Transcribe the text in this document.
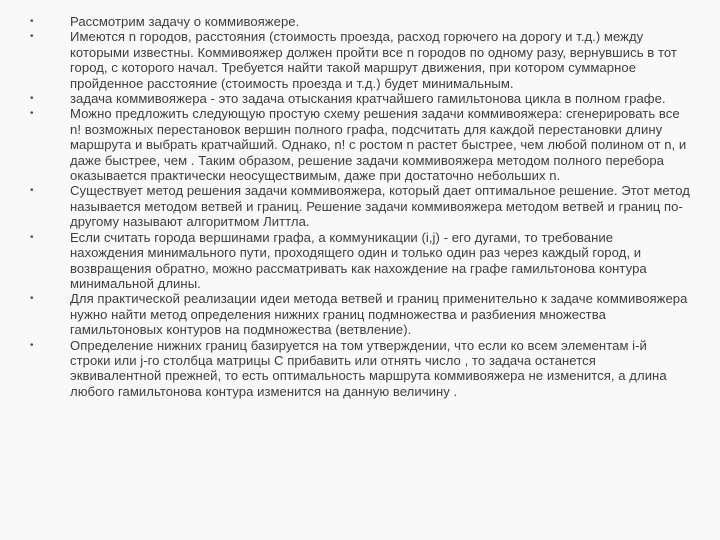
•	Рассмотрим задачу о коммивояжере.
•	Имеются n городов, расстояния (стоимость проезда, расход горючего на дорогу и т.д.) между которыми известны. Коммивояжер должен пройти все n городов по одному разу, вернувшись в тот город, с которого начал. Требуется найти такой маршрут движения, при котором суммарное пройденное расстояние (стоимость проезда и т.д.) будет минимальным.
•	задача коммивояжера - это задача отыскания кратчайшего гамильтонова цикла в полном графе.
•	Можно предложить следующую простую схему решения задачи коммивояжера: сгенерировать все n! возможных перестановок вершин полного графа, подсчитать для каждой перестановки длину маршрута и выбрать кратчайший. Однако, n! с ростом n растет быстрее, чем любой полином от n, и даже быстрее, чем . Таким образом, решение задачи коммивояжера методом полного перебора оказывается практически неосуществимым, даже при достаточно небольших n.
•	Существует метод решения задачи коммивояжера, который дает оптимальное решение. Этот метод называется методом ветвей и границ. Решение задачи коммивояжера методом ветвей и границ по-другому называют алгоритмом Литтла.
•	Если считать города вершинами графа, а коммуникации (i,j) - его дугами, то требование нахождения минимального пути, проходящего один и только один раз через каждый город, и возвращения обратно, можно рассматривать как нахождение на графе гамильтонова контура минимальной длины.
•	Для практической реализации идеи метода ветвей и границ применительно к задаче коммивояжера нужно найти метод определения нижних границ подмножества и разбиения множества гамильтоновых контуров на подмножества (ветвление).
•	Определение нижних границ базируется на том утверждении, что если ко всем элементам i-й строки или j-го столбца матрицы С прибавить или отнять число , то задача останется эквивалентной прежней, то есть оптимальность маршрута коммивояжера не изменится, а длина любого гамильтонова контура изменится на данную величину .
